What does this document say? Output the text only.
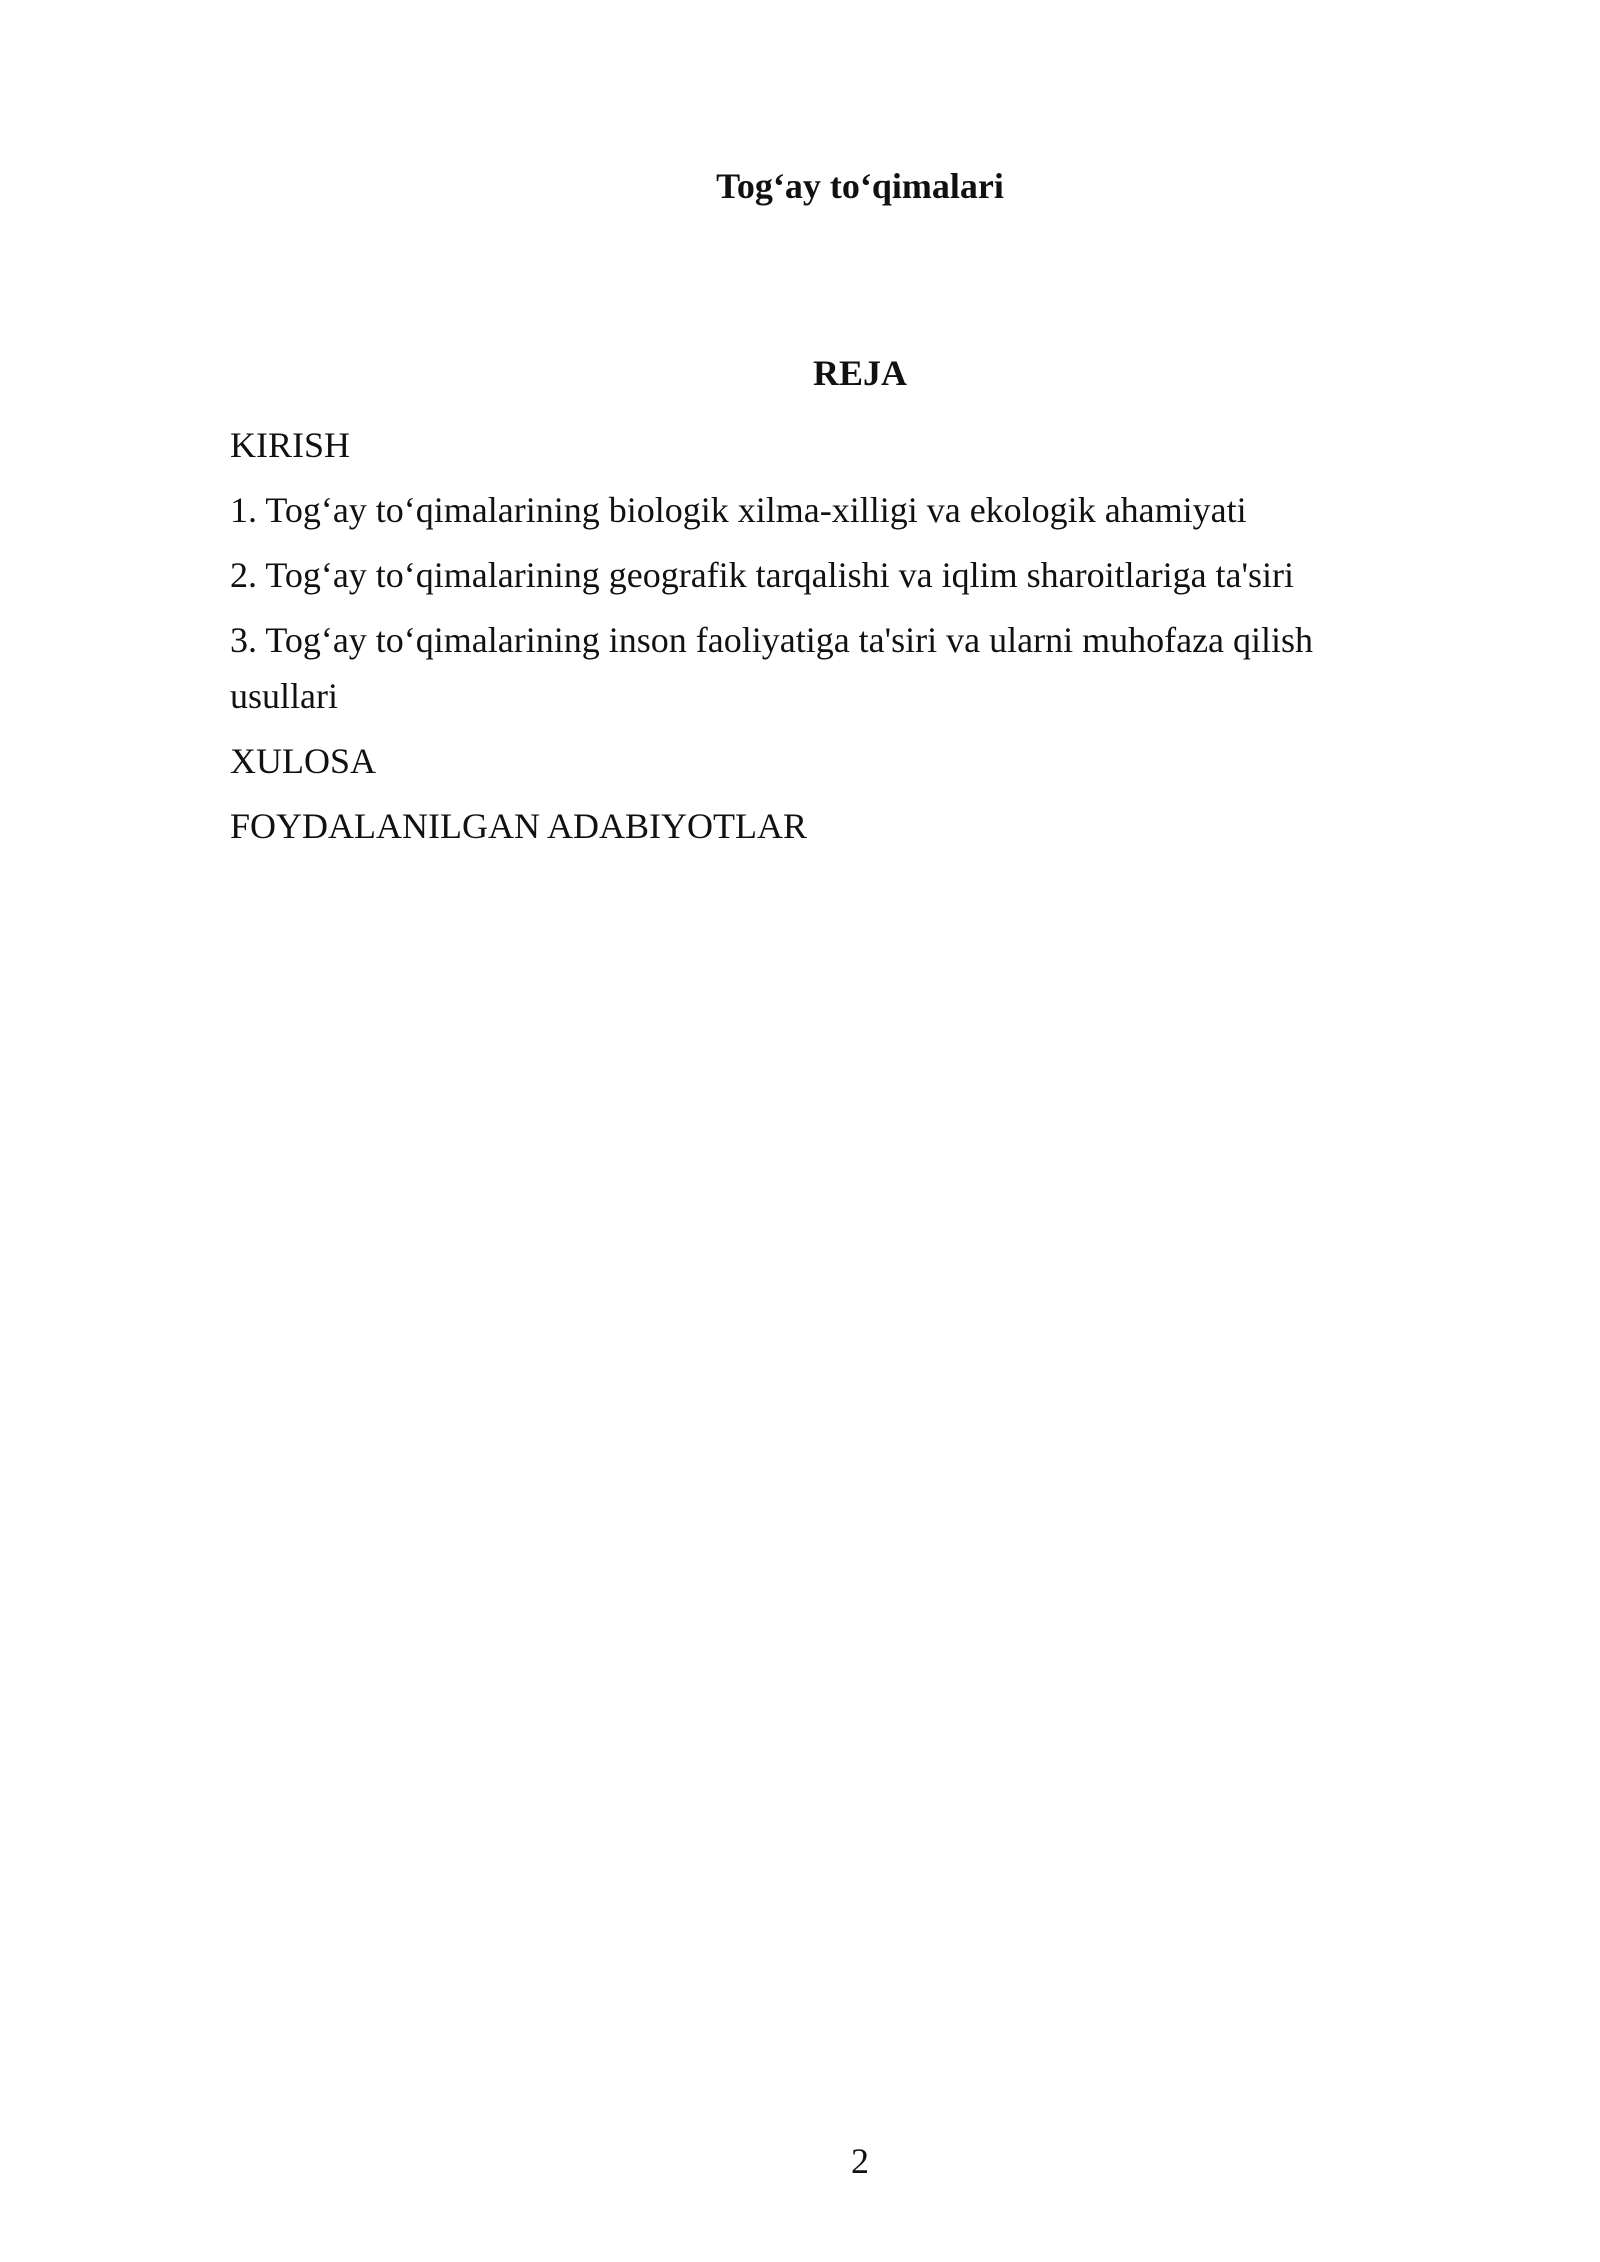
Tog‘ay to‘qimalari
REJA
KIRISH
1. Tog‘ay to‘qimalarining biologik xilma-xilligi va ekologik ahamiyati
2. Tog‘ay to‘qimalarining geografik tarqalishi va iqlim sharoitlariga ta'siri
3. Tog‘ay to‘qimalarining inson faoliyatiga ta'siri va ularni muhofaza qilish usullari
XULOSA
FOYDALANILGAN ADABIYOTLAR
2
